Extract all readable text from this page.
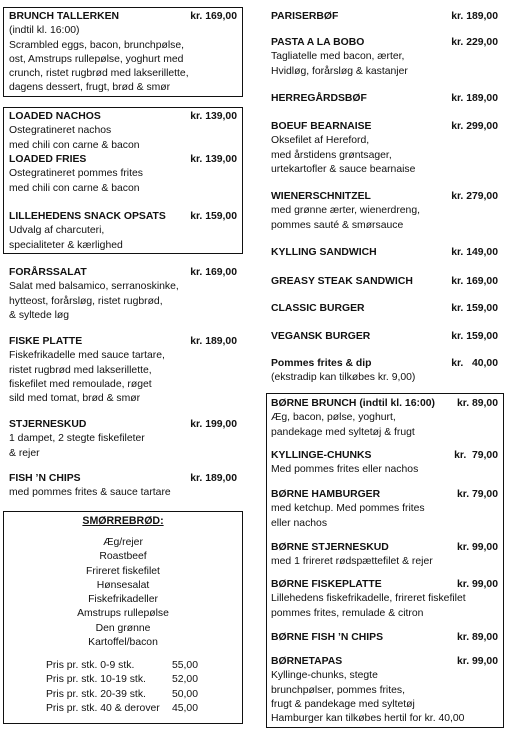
BRUNCH TALLERKEN	kr. 169,00
(indtil kl. 16:00)
Scrambled eggs, bacon, brunchpølse,
ost, Amstrups rullepølse, yoghurt med
crunch, ristet rugbrød med lakserillette,
dagens dessert, frugt, brød & smør
LOADED NACHOS	kr. 139,00
Ostegratineret nachos
med chili con carne & bacon
LOADED FRIES	kr. 139,00
Ostegratineret pommes frites
med chili con carne & bacon
LILLEHEDENS SNACK OPSATS kr. 159,00
Udvalg af charcuteri,
specialiteter & kærlighed
FORÅRSSALAT	kr. 169,00
Salat med balsamico, serranoskinke,
hytteost, forårsløg, ristet rugbrød,
& syltede løg
FISKE PLATTE	kr. 189,00
Fiskefrikadelle med sauce tartare,
ristet rugbrød med lakserillette,
fiskefilet med remoulade, røget
sild med tomat, brød & smør
STJERNESKUD	kr. 199,00
1 dampet, 2 stegte fiskefileter
& rejer
FISH ’N CHIPS	kr. 189,00
med pommes frites & sauce tartare
SMØRREBRØD:
Æg/rejer
Roastbeef
Frireret fiskefilet
Hønsesalat
Fiskefrikadeller
Amstrups rullepølse
Den grønne
Kartoffel/bacon
Pris pr. stk. 0-9 stk.	55,00
Pris pr. stk. 10-19 stk.	52,00
Pris pr. stk. 20-39 stk.	50,00
Pris pr. stk. 40 & derover 45,00
PARISERBØF	kr. 189,00
PASTA A LA BOBO	kr. 229,00
Tagliatelle med bacon, ærter,
Hvidløg, forårsløg & kastanjer
HERREGÅRDSBØF	kr. 189,00
BOEUF BEARNAISE	kr. 299,00
Oksefilet af Hereford,
med årstidens grøntsager,
urtekartofler & sauce bearnaise
WIENERSCHNITZEL	kr. 279,00
med grønne ærter, wienerdreng,
pommes sauté & smørsauce
KYLLING SANDWICH	kr. 149,00
GREASY STEAK SANDWICH	kr. 169,00
CLASSIC BURGER	kr. 159,00
VEGANSK BURGER	kr. 159,00
Pommes frites & dip	kr.   40,00
(ekstradip kan tilkøbes kr. 9,00)
BØRNE BRUNCH (indtil kl. 16:00) kr. 89,00
Æg, bacon, pølse, yoghurt,
pandekage med syltetøj & frugt
KYLLINGE-CHUNKS	kr.  79,00
Med pommes frites eller nachos
BØRNE HAMBURGER	kr. 79,00
med ketchup. Med pommes frites
eller nachos
BØRNE STJERNESKUD	kr. 99,00
med 1 frireret rødspættefilet & rejer
BØRNE FISKEPLATTE	kr. 99,00
Lillehedens fiskefrikadelle, frireret fiskefilet
pommes frites, remulade & citron
BØRNE FISH ’N CHIPS	kr. 89,00
BØRNETAPAS	kr. 99,00
Kyllinge-chunks, stegte
brunchpølser, pommes frites,
frugt & pandekage med syltetøj
Hamburger kan tilkøbes hertil for kr. 40,00
